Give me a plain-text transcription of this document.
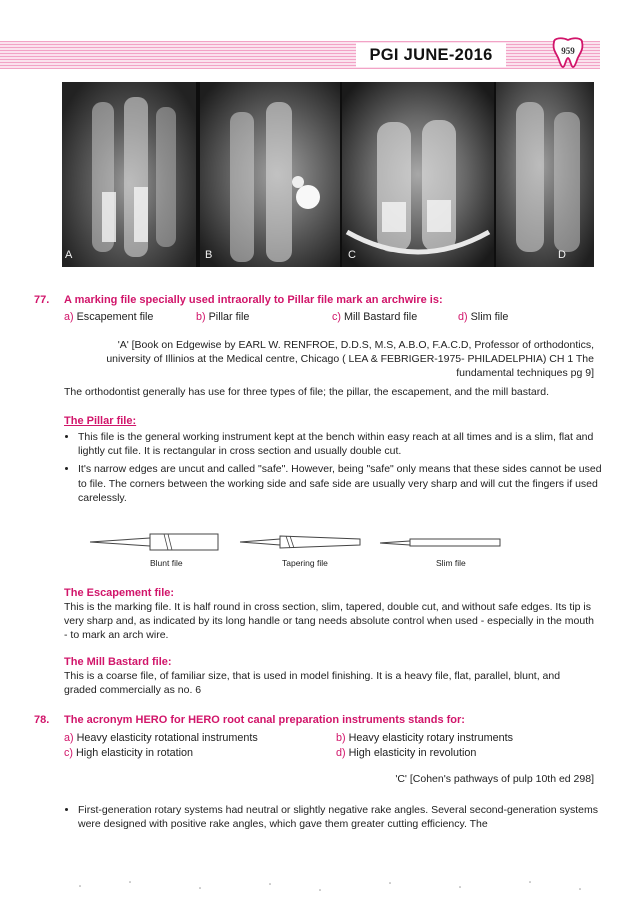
PGI JUNE-2016	959
A	B	C	D
77. A marking file specially used intraorally to Pillar file mark an archwire is:
a) Escapement file	b) Pillar file	c) Mill Bastard file	d) Slim file
'A' [Book on Edgewise by EARL W. RENFROE, D.D.S, M.S, A.B.O, F.A.C.D, Professor of orthodontics, university of Illinios at the Medical centre, Chicago ( LEA & FEBRIGER-1975- PHILADELPHIA) CH 1 The fundamental techniques pg 9]
The orthodontist generally has use for three types of file; the pillar, the escapement, and the mill bastard.
The Pillar file:
• This file is the general working instrument kept at the bench within easy reach at all times and is a slim, flat and lightly cut file. It is rectangular in cross section and usually double cut.
• It's narrow edges are uncut and called "safe". However, being "safe" only means that these sides cannot be used to file. The corners between the working side and safe side are usually very sharp and will cut the fingers if used carelessly.
Blunt file	Tapering file	Slim file
The Escapement file:
This is the marking file. It is half round in cross section, slim, tapered, double cut, and without safe edges. Its tip is very sharp and, as indicated by its long handle or tang needs absolute control when used - especially in the mouth - to mark an arch wire.
The Mill Bastard file:
This is a coarse file, of familiar size, that is used in model finishing. It is a heavy file, flat, parallel, blunt, and graded commercially as no. 6
78. The acronym HERO for HERO root canal preparation instruments stands for:
a) Heavy elasticity rotational instruments	b) Heavy elasticity rotary instruments
c) High elasticity in rotation	d) High elasticity in revolution
'C' [Cohen's pathways of pulp 10th ed 298]
• First-generation rotary systems had neutral or slightly negative rake angles. Several second-generation systems were designed with positive rake angles, which gave them greater cutting efficiency. The
